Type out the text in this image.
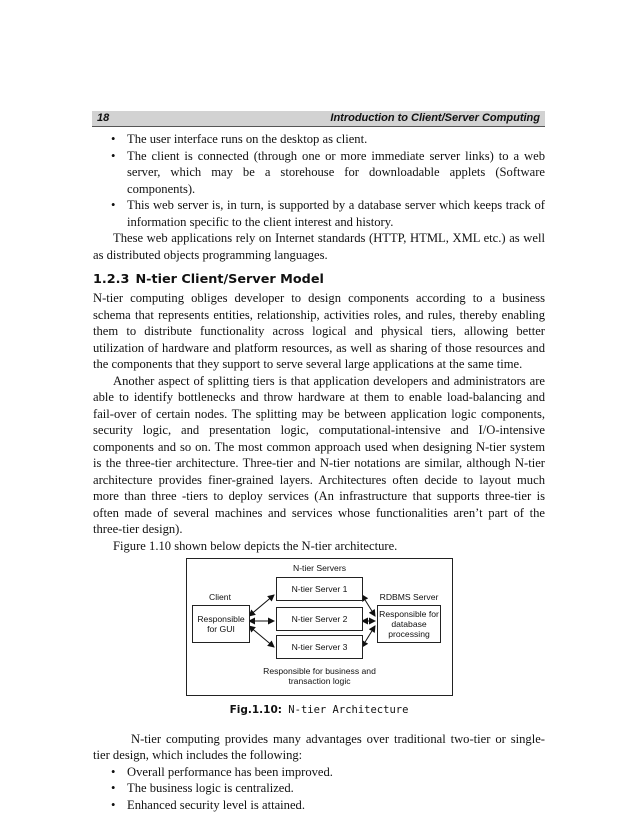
18	Introduction to Client/Server Computing
• The user interface runs on the desktop as client.
• The client is connected (through one or more immediate server links) to a web server, which may be a storehouse for downloadable applets (Software components).
• This web server is, in turn, is supported by a database server which keeps track of information specific to the client interest and history.

These web applications rely on Internet standards (HTTP, HTML, XML etc.) as well as distributed objects programming languages.

1.2.3 N-tier Client/Server Model

N-tier computing obliges developer to design components according to a business schema that represents entities, relationship, activities roles, and rules, thereby enabling them to distribute functionality across logical and physical tiers, allowing better utilization of hardware and platform resources, as well as sharing of those resources and the components that they support to serve several large applications at the same time.

Another aspect of splitting tiers is that application developers and administrators are able to identify bottlenecks and throw hardware at them to enable load-balancing and fail-over of certain nodes. The splitting may be between application logic components, security logic, and presentation logic, computational-intensive and I/O-intensive components and so on. The most common approach used when designing N-tier system is the three-tier architecture. Three-tier and N-tier notations are similar, although N-tier architecture provides finer-grained layers. Architectures often decide to layout much more than three -tiers to deploy services (An infrastructure that supports three-tier is often made of several machines and services whose functionalities aren’t part of the three-tier design).

Figure 1.10 shown below depicts the N-tier architecture.

N-tier Servers
Client
Responsible for GUI
N-tier Server 1
N-tier Server 2
N-tier Server 3
RDBMS Server
Responsible for database processing
Responsible for business and transaction logic
Fig.1.10: N-tier Architecture

N-tier computing provides many advantages over traditional two-tier or single-tier design, which includes the following:

• Overall performance has been improved.
• The business logic is centralized.
• Enhanced security level is attained.
